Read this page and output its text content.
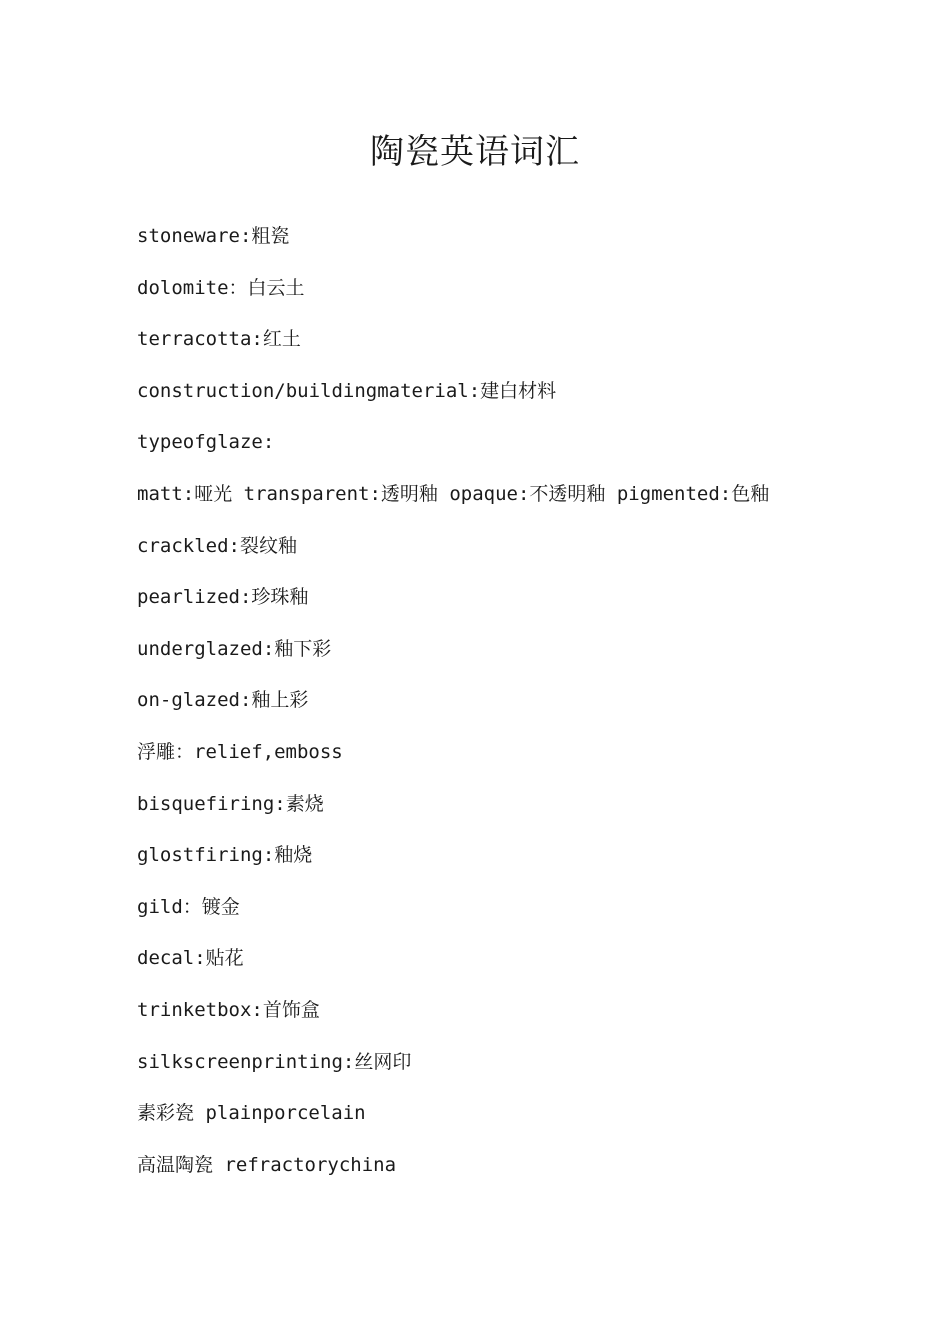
陶瓷英语词汇
stoneware:粗瓷
dolomite：白云土
terracotta:红土
construction/buildingmaterial:建白材料
typeofglaze:
matt:哑光 transparent:透明釉 opaque:不透明釉 pigmented:色釉
crackled:裂纹釉
pearlized:珍珠釉
underglazed:釉下彩
on-glazed:釉上彩
浮雕：relief,emboss
bisquefiring:素烧
glostfiring:釉烧
gild：镀金
decal:贴花
trinketbox:首饰盒
silkscreenprinting:丝网印
素彩瓷 plainporcelain
高温陶瓷 refractorychina
